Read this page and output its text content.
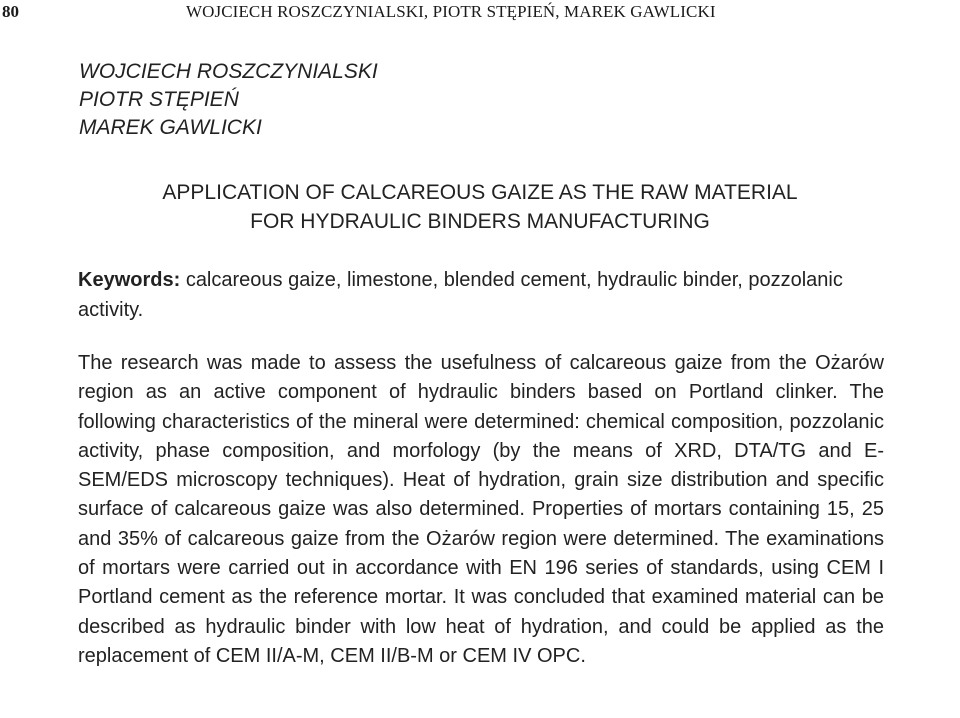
80	WOJCIECH ROSZCZYNIALSKI, PIOTR STĘPIEŃ, MAREK GAWLICKI
WOJCIECH ROSZCZYNIALSKI
PIOTR STĘPIEŃ
MAREK GAWLICKI
APPLICATION OF CALCAREOUS GAIZE AS THE RAW MATERIAL
FOR HYDRAULIC BINDERS MANUFACTURING
Keywords: calcareous gaize, limestone, blended cement, hydraulic binder, pozzolanic activity.
The research was made to assess the usefulness of calcareous gaize from the Ożarów region as an active component of hydraulic binders based on Portland clinker. The following characteristics of the mineral were determined: chemical composition, pozzolanic activity, phase composition, and morfology (by the means of XRD, DTA/TG and E-SEM/EDS microscopy techniques). Heat of hydration, grain size distribution and specific surface of calcareous gaize was also determined. Properties of mortars containing 15, 25 and 35% of calcareous gaize from the Ożarów region were determined. The examinations of mortars were carried out in accordance with EN 196 series of standards, using CEM I Portland cement as the reference mortar. It was concluded that examined material can be described as hydraulic binder with low heat of hydration, and could be applied as the replacement of CEM II/A-M, CEM II/B-M or CEM IV OPC.
